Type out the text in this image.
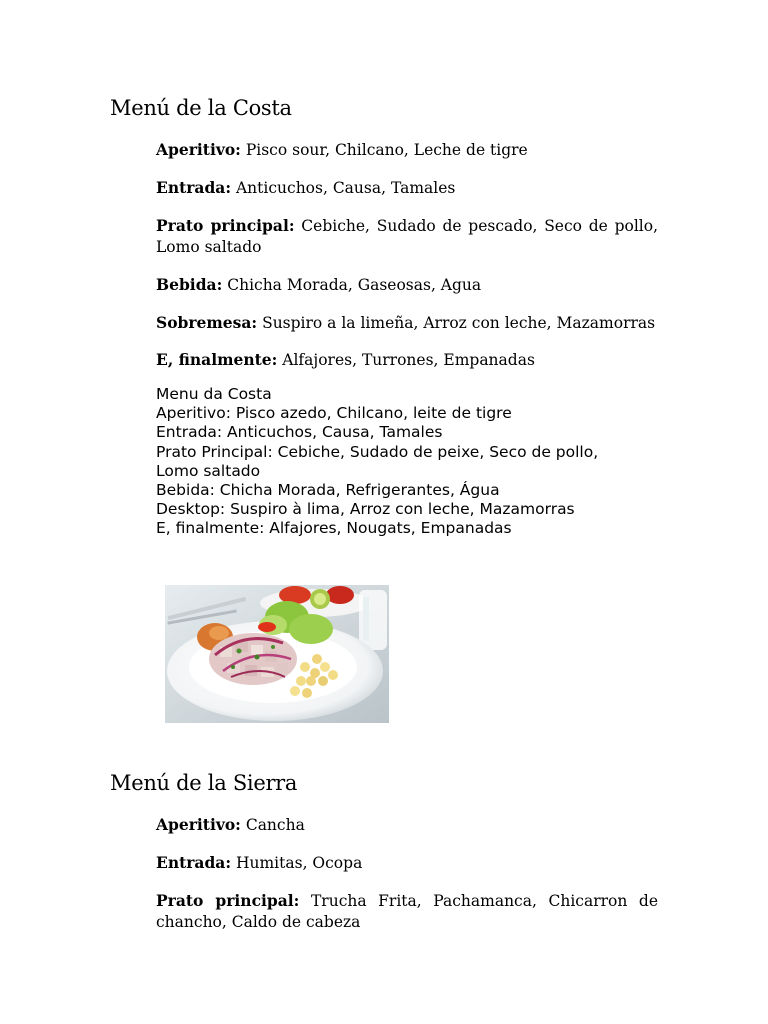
Menú de la Costa

Aperitivo: Pisco sour, Chilcano, Leche de tigre

Entrada: Anticuchos, Causa, Tamales

Prato principal: Cebiche, Sudado de pescado, Seco de pollo, Lomo saltado

Bebida: Chicha Morada, Gaseosas, Agua

Sobremesa: Suspiro a la limeña, Arroz con leche, Mazamorras

E, finalmente: Alfajores, Turrones, Empanadas

Menu da Costa
Aperitivo: Pisco azedo, Chilcano, leite de tigre
Entrada: Anticuchos, Causa, Tamales
Prato Principal: Cebiche, Sudado de peixe, Seco de pollo,
Lomo saltado
Bebida: Chicha Morada, Refrigerantes, Água
Desktop: Suspiro à lima, Arroz con leche, Mazamorras
E, finalmente: Alfajores, Nougats, Empanadas
Menú de la Sierra

Aperitivo: Cancha

Entrada: Humitas, Ocopa

Prato principal: Trucha Frita, Pachamanca, Chicarron de chancho, Caldo de cabeza
